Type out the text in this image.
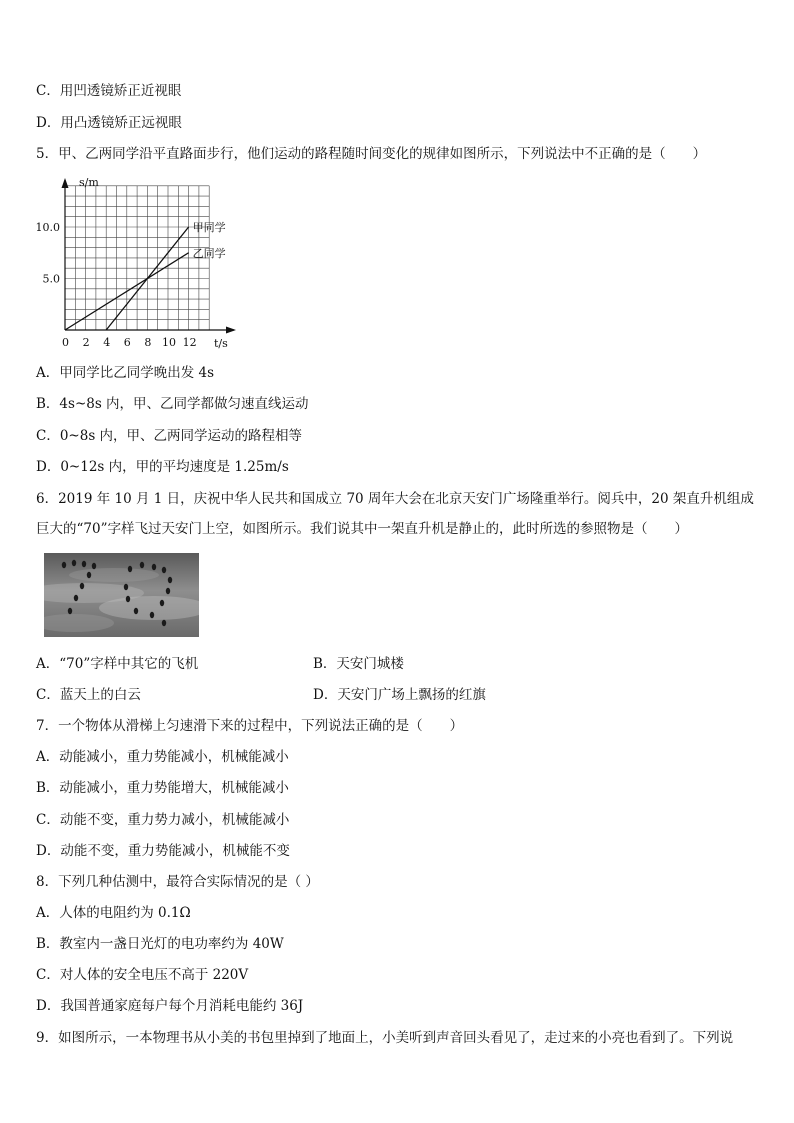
C．用凹透镜矫正近视眼
D．用凸透镜矫正远视眼
5．甲、乙两同学沿平直路面步行，他们运动的路程随时间变化的规律如图所示，下列说法中不正确的是（　　）
s/m
t/s
0 2 4 6 8 10 12
5.0
10.0	甲同学
乙同学
A．甲同学比乙同学晚出发 4s
B．4s~8s 内，甲、乙同学都做匀速直线运动
C．0~8s 内，甲、乙两同学运动的路程相等
D．0~12s 内，甲的平均速度是 1.25m/s
6．2019 年 10 月 1 日，庆祝中华人民共和国成立 70 周年大会在北京天安门广场隆重举行。阅兵中，20 架直升机组成
巨大的“70”字样飞过天安门上空，如图所示。我们说其中一架直升机是静止的，此时所选的参照物是（　　）
A．“70”字样中其它的飞机	B．天安门城楼
C．蓝天上的白云	D．天安门广场上飘扬的红旗
7．一个物体从滑梯上匀速滑下来的过程中，下列说法正确的是（　　）
A．动能减小，重力势能减小，机械能减小
B．动能减小，重力势能增大，机械能减小
C．动能不变，重力势力减小，机械能减小
D．动能不变，重力势能减小，机械能不变
8．下列几种估测中，最符合实际情况的是（ ）
A．人体的电阻约为 0.1Ω
B．教室内一盏日光灯的电功率约为 40W
C．对人体的安全电压不高于 220V
D．我国普通家庭每户每个月消耗电能约 36J
9．如图所示，一本物理书从小美的书包里掉到了地面上，小美听到声音回头看见了，走过来的小亮也看到了。下列说
